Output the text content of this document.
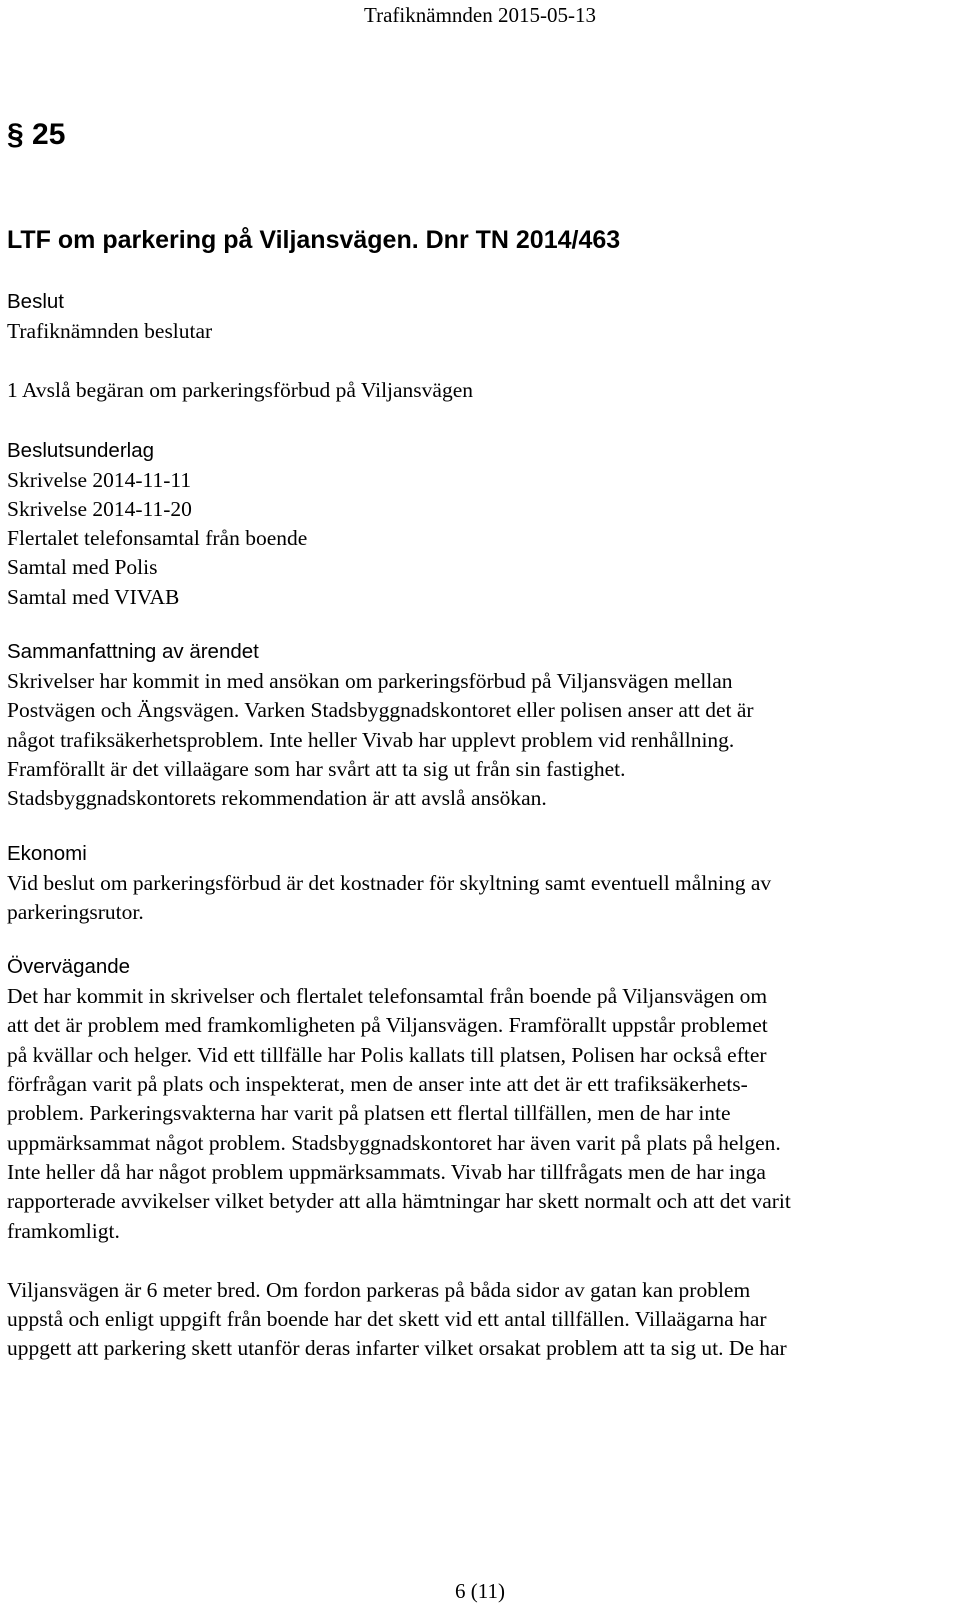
Trafiknämnden 2015-05-13
§ 25
LTF om parkering på Viljansvägen. Dnr TN 2014/463

Beslut

Trafiknämnden beslutar

1 Avslå begäran om parkeringsförbud på Viljansvägen

Beslutsunderlag

Skrivelse 2014-11-11

Skrivelse 2014-11-20

Flertalet telefonsamtal från boende

Samtal med Polis

Samtal med VIVAB

Sammanfattning av ärendet

Skrivelser har kommit in med ansökan om parkeringsförbud på Viljansvägen mellan

Postvägen och Ängsvägen. Varken Stadsbyggnadskontoret eller polisen anser att det är

något trafiksäkerhetsproblem. Inte heller Vivab har upplevt problem vid renhållning.

Framförallt är det villaägare som har svårt att ta sig ut från sin fastighet.

Stadsbyggnadskontorets rekommendation är att avslå ansökan.

Ekonomi

Vid beslut om parkeringsförbud är det kostnader för skyltning samt eventuell målning av

parkeringsrutor.

Övervägande

Det har kommit in skrivelser och flertalet telefonsamtal från boende på Viljansvägen om

att det är problem med framkomligheten på Viljansvägen. Framförallt uppstår problemet

på kvällar och helger. Vid ett tillfälle har Polis kallats till platsen, Polisen har också efter

förfrågan varit på plats och inspekterat, men de anser inte att det är ett trafiksäkerhets-

problem. Parkeringsvakterna har varit på platsen ett flertal tillfällen, men de har inte

uppmärksammat något problem. Stadsbyggnadskontoret har även varit på plats på helgen.

Inte heller då har något problem uppmärksammats. Vivab har tillfrågats men de har inga

rapporterade avvikelser vilket betyder att alla hämtningar har skett normalt och att det varit

framkomligt.

Viljansvägen är 6 meter bred. Om fordon parkeras på båda sidor av gatan kan problem

uppstå och enligt uppgift från boende har det skett vid ett antal tillfällen. Villaägarna har

uppgett att parkering skett utanför deras infarter vilket orsakat problem att ta sig ut. De har

6 (11)
